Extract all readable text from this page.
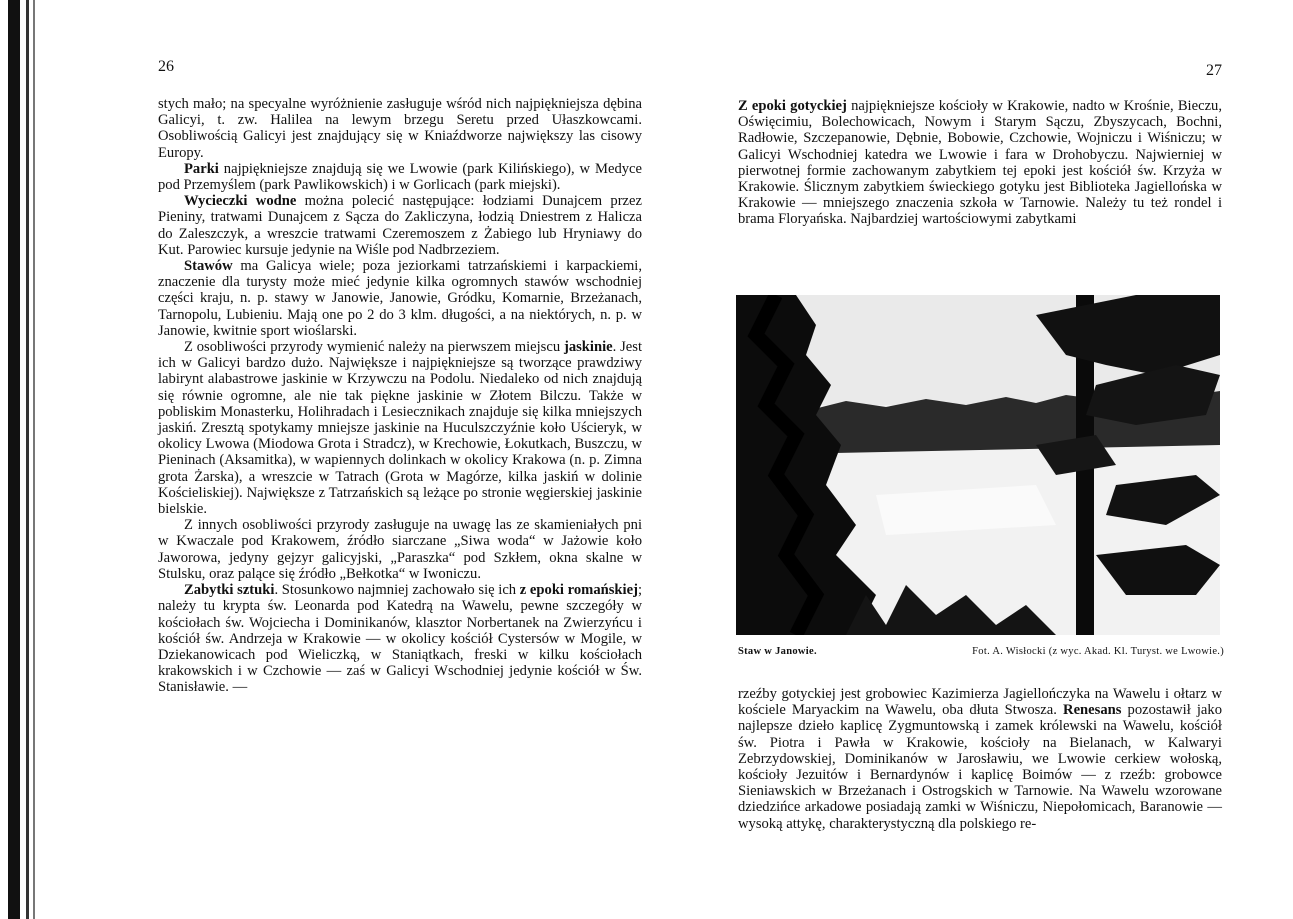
26

stych mało; na specyalne wyróżnienie zasługuje wśród nich najpiękniejsza dębina Galicyi, t. zw. Halilea na lewym brzegu Seretu przed Ułaszkowcami. Osobliwością Galicyi jest znajdujący się w Kniaźdworze największy las cisowy Europy.

Parki najpiękniejsze znajdują się we Lwowie (park Kilińskiego), w Medyce pod Przemyślem (park Pawlikowskich) i w Gorlicach (park miejski).

Wycieczki wodne można polecić następujące: łodziami Dunajcem przez Pieniny, tratwami Dunajcem z Sącza do Zakliczyna, łodzią Dniestrem z Halicza do Zaleszczyk, a wreszcie tratwami Czeremoszem z Żabiego lub Hryniawy do Kut. Parowiec kursuje jedynie na Wiśle pod Nadbrzeziem.

Stawów ma Galicya wiele; poza jeziorkami tatrzańskiemi i karpackiemi, znaczenie dla turysty może mieć jedynie kilka ogromnych stawów wschodniej części kraju, n. p. stawy w Janowie, Janowie, Gródku, Komarnie, Brzeżanach, Tarnopolu, Lubieniu. Mają one po 2 do 3 klm. długości, a na niektórych, n. p. w Janowie, kwitnie sport wioślarski.

Z osobliwości przyrody wymienić należy na pierwszem miejscu jaskinie. Jest ich w Galicyi bardzo dużo. Największe i najpiękniejsze są tworzące prawdziwy labirynt alabastrowe jaskinie w Krzywczu na Podolu. Niedaleko od nich znajdują się równie ogromne, ale nie tak piękne jaskinie w Złotem Bilczu. Także w pobliskim Monasterku, Holihradach i Lesiecznikach znajduje się kilka mniejszych jaskiń. Zresztą spotykamy mniejsze jaskinie na Huculszczyźnie koło Uścieryk, w okolicy Lwowa (Miodowa Grota i Stradcz), w Krechowie, Łokutkach, Buszczu, w Pieninach (Aksamitka), w wapiennych dolinkach w okolicy Krakowa (n. p. Zimna grota Żarska), a wreszcie w Tatrach (Grota w Magórze, kilka jaskiń w dolinie Kościeliskiej). Największe z Tatrzańskich są leżące po stronie węgierskiej jaskinie bielskie.

Z innych osobliwości przyrody zasługuje na uwagę las ze skamieniałych pni w Kwaczale pod Krakowem, źródło siarczane „Siwa woda“ w Jażowie koło Jaworowa, jedyny gejzyr galicyjski, „Paraszka“ pod Szkłem, okna skalne w Stulsku, oraz palące się źródło „Bełkotka“ w Iwoniczu.

Zabytki sztuki. Stosunkowo najmniej zachowało się ich z epoki romańskiej; należy tu krypta św. Leonarda pod Katedrą na Wawelu, pewne szczegóły w kościołach św. Wojciecha i Dominikanów, klasztor Norbertanek na Zwierzyńcu i kościół św. Andrzeja w Krakowie — w okolicy kościół Cystersów w Mogile, w Dziekanowicach pod Wieliczką, w Staniątkach, freski w kilku kościołach krakowskich i w Czchowie — zaś w Galicyi Wschodniej jedynie kościół w Św. Stanisławie. —

27

Z epoki gotyckiej najpiękniejsze kościoły w Krakowie, nadto w Krośnie, Bieczu, Oświęcimiu, Bolechowicach, Nowym i Starym Sączu, Zbyszycach, Bochni, Radłowie, Szczepanowie, Dębnie, Bobowie, Czchowie, Wojniczu i Wiśniczu; w Galicyi Wschodniej katedra we Lwowie i fara w Drohobyczu. Najwierniej w pierwotnej formie zachowanym zabytkiem tej epoki jest kościół św. Krzyża w Krakowie. Ślicznym zabytkiem świeckiego gotyku jest Biblioteka Jagiellońska w Krakowie — mniejszego znaczenia szkoła w Tarnowie. Należy tu też rondel i brama Floryańska. Najbardziej wartościowymi zabytkami

rzeźby gotyckiej jest grobowiec Kazimierza Jagiellończyka na Wawelu i ołtarz w kościele Maryackim na Wawelu, oba dłuta Stwosza. Renesans pozostawił jako najlepsze dzieło kaplicę Zygmuntowską i zamek królewski na Wawelu, kościół św. Piotra i Pawła w Krakowie, kościoły na Bielanach, w Kalwaryi Zebrzydowskiej, Dominikanów w Jarosławiu, we Lwowie cerkiew wołoską, kościoły Jezuitów i Bernardynów i kaplicę Boimów — z rzeźb: grobowce Sieniawskich w Brzeżanach i Ostrogskich w Tarnowie. Na Wawelu wzorowane dziedzińce arkadowe posiadają zamki w Wiśniczu, Niepołomicach, Baranowie — wysoką attykę, charakterystyczną dla polskiego re-

Staw w Janowie.	Fot. A. Wisłocki (z wyc. Akad. Kl. Turyst. we Lwowie.)
